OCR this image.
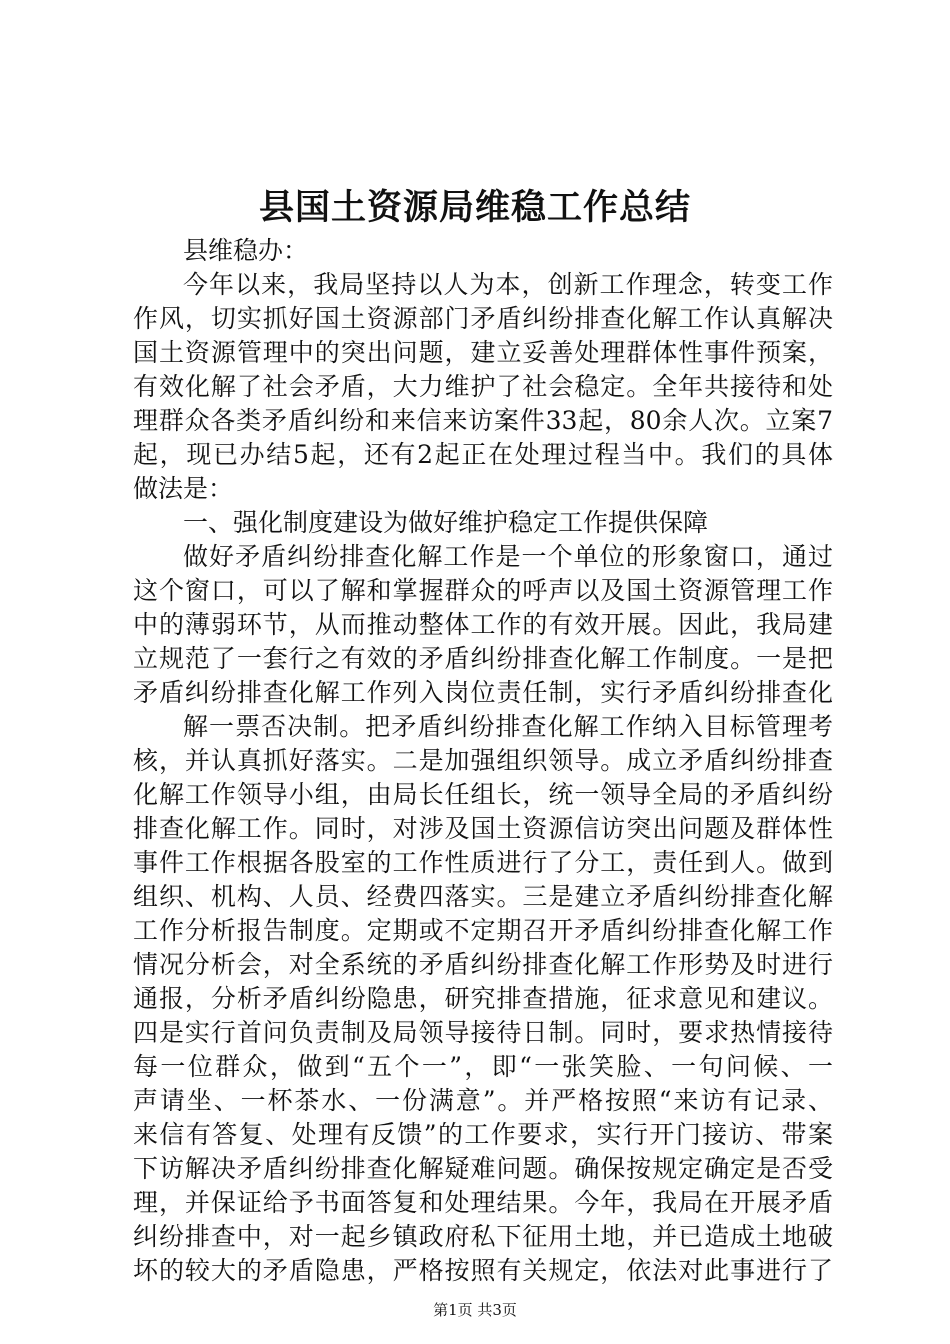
县国土资源局维稳工作总结
县维稳办：
今年以来，我局坚持以人为本，创新工作理念，转变工作
作风，切实抓好国土资源部门矛盾纠纷排查化解工作认真解决
国土资源管理中的突出问题，建立妥善处理群体性事件预案，
有效化解了社会矛盾，大力维护了社会稳定。全年共接待和处
理群众各类矛盾纠纷和来信来访案件33起，80余人次。立案7
起，现已办结5起，还有2起正在处理过程当中。我们的具体
做法是：
一、强化制度建设为做好维护稳定工作提供保障
做好矛盾纠纷排查化解工作是一个单位的形象窗口，通过
这个窗口，可以了解和掌握群众的呼声以及国土资源管理工作
中的薄弱环节，从而推动整体工作的有效开展。因此，我局建
立规范了一套行之有效的矛盾纠纷排查化解工作制度。一是把
矛盾纠纷排查化解工作列入岗位责任制，实行矛盾纠纷排查化
解一票否决制。把矛盾纠纷排查化解工作纳入目标管理考
核，并认真抓好落实。二是加强组织领导。成立矛盾纠纷排查
化解工作领导小组，由局长任组长，统一领导全局的矛盾纠纷
排查化解工作。同时，对涉及国土资源信访突出问题及群体性
事件工作根据各股室的工作性质进行了分工，责任到人。做到
组织、机构、人员、经费四落实。三是建立矛盾纠纷排查化解
工作分析报告制度。定期或不定期召开矛盾纠纷排查化解工作
情况分析会，对全系统的矛盾纠纷排查化解工作形势及时进行
通报，分析矛盾纠纷隐患，研究排查措施，征求意见和建议。
四是实行首问负责制及局领导接待日制。同时，要求热情接待
每一位群众，做到“五个一”，即“一张笑脸、一句问候、一
声请坐、一杯茶水、一份满意”。并严格按照“来访有记录、
来信有答复、处理有反馈”的工作要求，实行开门接访、带案
下访解决矛盾纠纷排查化解疑难问题。确保按规定确定是否受
理，并保证给予书面答复和处理结果。今年，我局在开展矛盾
纠纷排查中，对一起乡镇政府私下征用土地，并已造成土地破
坏的较大的矛盾隐患，严格按照有关规定，依法对此事进行了
第1页 共3页
